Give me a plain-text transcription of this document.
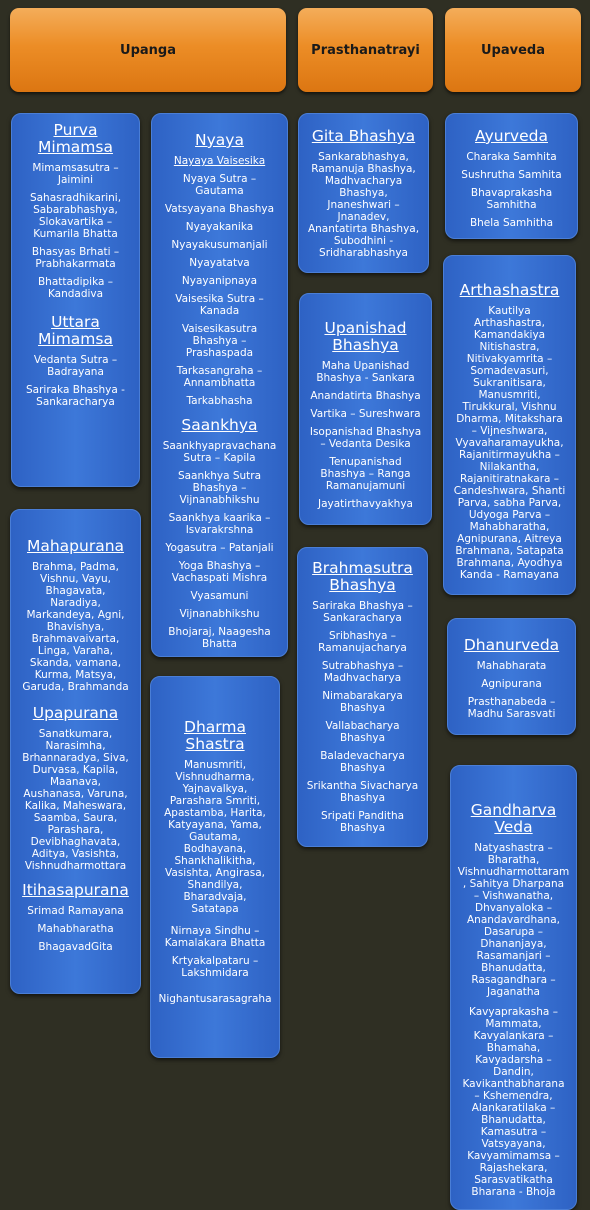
Upanga	Prasthanatrayi	Upaveda
Purva
Mimamsa
Mimamsasutra –
Jaimini
Sahasradhikarini,
Sabarabhashya,
Slokavartika –
Kumarila Bhatta
Bhasyas Brhati –
Prabhakarmata
Bhattadipika –
Kandadiva
Uttara
Mimamsa
Vedanta Sutra –
Badrayana
Sariraka Bhashya -
Sankaracharya
Mahapurana
Brahma, Padma,
Vishnu, Vayu,
Bhagavata,
Naradiya,
Markandeya, Agni,
Bhavishya,
Brahmavaivarta,
Linga, Varaha,
Skanda, vamana,
Kurma, Matsya,
Garuda, Brahmanda
Upapurana
Sanatkumara,
Narasimha,
Brhannaradya, Siva,
Durvasa, Kapila,
Maanava,
Aushanasa, Varuna,
Kalika, Maheswara,
Saamba, Saura,
Parashara,
Devibhaghavata,
Aditya, Vasishta,
Vishnudharmottara
Itihasapurana
Srimad Ramayana
Mahabharatha
BhagavadGita
Nyaya
Nayaya Vaisesika
Nyaya Sutra –
Gautama
Vatsyayana Bhashya
Nyayakanika
Nyayakusumanjali
Nyayatatva
Nyayanipnaya
Vaisesika Sutra –
Kanada
Vaisesikasutra
Bhashya –
Prashaspada
Tarkasangraha –
Annambhatta
Tarkabhasha
Saankhya
Saankhyapravachana
Sutra – Kapila
Saankhya Sutra
Bhashya –
Vijnanabhikshu
Saankhya kaarika –
Isvarakrshna
Yogasutra – Patanjali
Yoga Bhashya –
Vachaspati Mishra
Vyasamuni
Vijnanabhikshu
Bhojaraj, Naagesha
Bhatta
Dharma
Shastra
Manusmriti,
Vishnudharma,
Yajnavalkya,
Parashara Smriti,
Apastamba, Harita,
Katyayana, Yama,
Gautama,
Bodhayana,
Shankhalikitha,
Vasishta, Angirasa,
Shandilya,
Bharadvaja,
Satatapa
Nirnaya Sindhu –
Kamalakara Bhatta
Krtyakalpataru –
Lakshmidara
Nighantusarasagraha
Gita Bhashya
Sankarabhashya,
Ramanuja Bhashya,
Madhvacharya
Bhashya,
Jnaneshwari –
Jnanadev,
Anantatirta Bhashya,
Subodhini -
Sridharabhashya
Upanishad
Bhashya
Maha Upanishad
Bhashya - Sankara
Anandatirta Bhashya
Vartika – Sureshwara
Isopanishad Bhashya
– Vedanta Desika
Tenupanishad
Bhashya – Ranga
Ramanujamuni
Jayatirthavyakhya
Brahmasutra
Bhashya
Sariraka Bhashya –
Sankaracharya
Sribhashya –
Ramanujacharya
Sutrabhashya –
Madhvacharya
Nimabarakarya
Bhashya
Vallabacharya
Bhashya
Baladevacharya
Bhashya
Srikantha Sivacharya
Bhashya
Sripati Panditha
Bhashya
Ayurveda
Charaka Samhita
Sushrutha Samhita
Bhavaprakasha
Samhitha
Bhela Samhitha
Arthashastra
Kautilya
Arthashastra,
Kamandakiya
Nitishastra,
Nitivakyamrita –
Somadevasuri,
Sukranitisara,
Manusmriti,
Tirukkural, Vishnu
Dharma, Mitakshara
– Vijneshwara,
Vyavaharamayukha,
Rajanitirmayukha –
Nilakantha,
Rajanitiratnakara –
Candeshwara, Shanti
Parva, sabha Parva,
Udyoga Parva –
Mahabharatha,
Agnipurana, Aitreya
Brahmana, Satapata
Brahmana, Ayodhya
Kanda - Ramayana
Dhanurveda
Mahabharata
Agnipurana
Prasthanabeda –
Madhu Sarasvati
Gandharva
Veda
Natyashastra –
Bharatha,
Vishnudharmottaram
, Sahitya Dharpana
– Vishwanatha,
Dhvanyaloka –
Anandavardhana,
Dasarupa –
Dhananjaya,
Rasamanjari –
Bhanudatta,
Rasagandhara –
Jaganatha
Kavyaprakasha –
Mammata,
Kavyalankara –
Bhamaha,
Kavyadarsha –
Dandin,
Kavikanthabharana
– Kshemendra,
Alankaratilaka –
Bhanudatta,
Kamasutra –
Vatsyayana,
Kavyamimamsa –
Rajashekara,
Sarasvatikatha
Bharana - Bhoja
